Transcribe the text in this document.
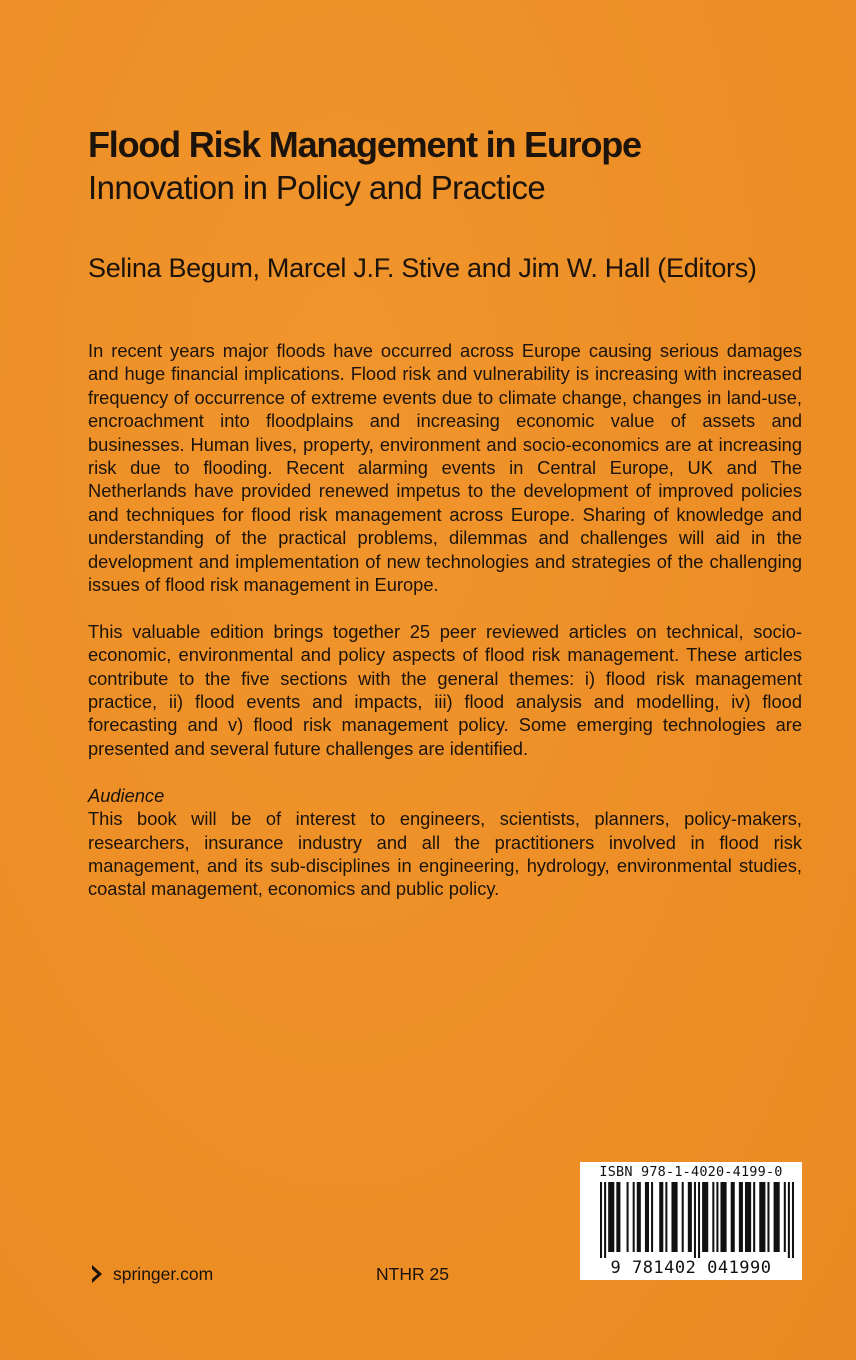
Flood Risk Management in Europe
Innovation in Policy and Practice

Selina Begum, Marcel J.F. Stive and Jim W. Hall (Editors)

In recent years major floods have occurred across Europe causing serious damages and huge financial implications. Flood risk and vulnerability is increasing with increased frequency of occurrence of extreme events due to climate change, changes in land-use, encroachment into floodplains and increasing economic value of assets and businesses. Human lives, property, environment and socio-economics are at increasing risk due to flooding. Recent alarming events in Central Europe, UK and The Netherlands have provided renewed impetus to the development of improved policies and techniques for flood risk management across Europe. Sharing of knowledge and understanding of the practical problems, dilemmas and challenges will aid in the development and implementation of new technologies and strategies of the challenging issues of flood risk management in Europe.

This valuable edition brings together 25 peer reviewed articles on technical, socio-economic, environmental and policy aspects of flood risk management. These articles contribute to the five sections with the general themes: i) flood risk management practice, ii) flood events and impacts, iii) flood analysis and modelling, iv) flood forecasting and v) flood risk management policy. Some emerging technologies are presented and several future challenges are identified.

Audience

This book will be of interest to engineers, scientists, planners, policy-makers, researchers, insurance industry and all the practitioners involved in flood risk management, and its sub-disciplines in engineering, hydrology, environmental studies, coastal management, economics and public policy.

springer.com	NTHR 25
ISBN 978-1-4020-4199-0
9 781402 041990
